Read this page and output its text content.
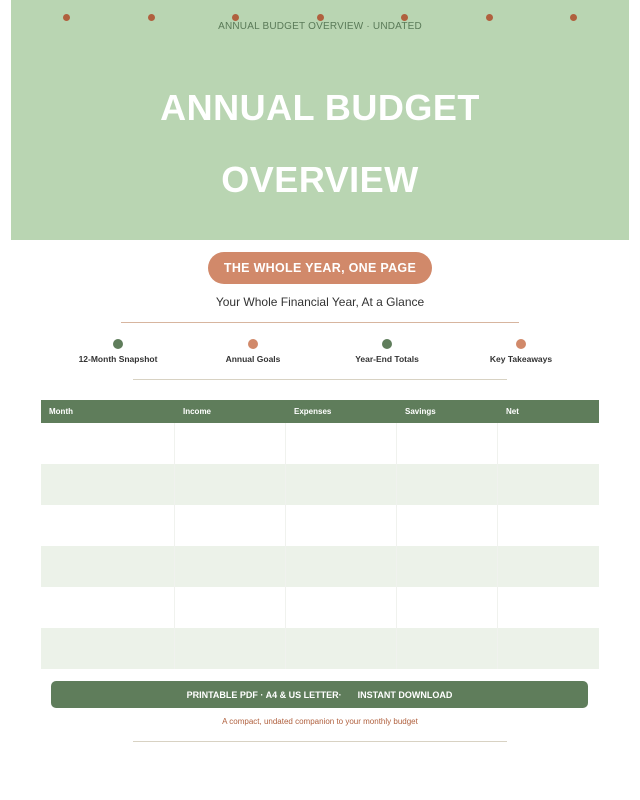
ANNUAL BUDGET OVERVIEW · UNDATED
ANNUAL BUDGET
OVERVIEW
THE WHOLE YEAR, ONE PAGE
Your Whole Financial Year, At a Glance
12-Month Snapshot	Annual Goals	Year-End Totals	Key Takeaways
Month	Income	Expenses	Savings	Net
PRINTABLE PDF · A4 & US LETTER· INSTANT DOWNLOAD
A compact, undated companion to your monthly budget
